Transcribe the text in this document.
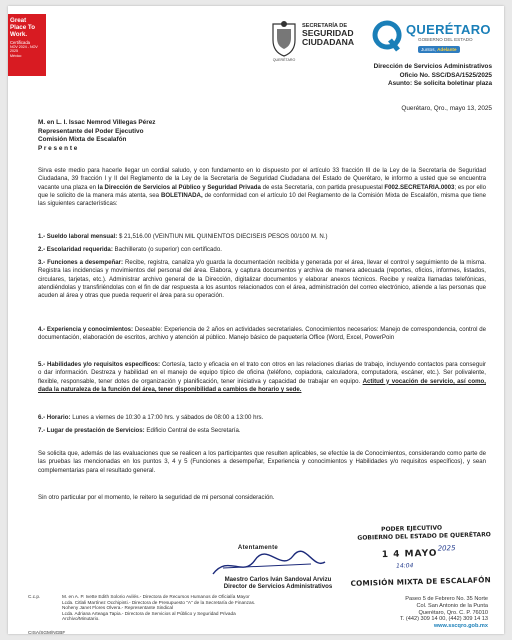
Great Place To Work.
Certificada
NOV 2024 - NOV 2025
México
QUERÉTARO
SECRETARÍA DE
SEGURIDAD
CIUDADANA
QUERÉTARO
GOBIERNO DEL ESTADO
Juntos, Adelante
Dirección de Servicios Administrativos
Oficio No. SSC/DSA/1525/2025
Asunto: Se solicita boletinar plaza
Querétaro, Qro., mayo 13, 2025
M. en L. I. Issac Nemrod Villegas Pérez
Representante del Poder Ejecutivo
Comisión Mixta de Escalafón
P r e s e n t e
Sirva este medio para hacerle llegar un cordial saludo, y con fundamento en lo dispuesto por el artículo 33 fracción III de la Ley de la Secretaría de Seguridad Ciudadana, 39 fracción I y II del Reglamento de la Ley de la Secretaría de Seguridad Ciudadana del Estado de Querétaro, le informo a usted que se encuentra vacante una plaza en la Dirección de Servicios al Público y Seguridad Privada de esta Secretaría, con partida presupuestal F002.SECRETARIA.0003; es por ello que le solicito de la manera más atenta, sea BOLETINADA, de conformidad con el artículo 10 del Reglamento de la Comisión Mixta de Escalafón, misma que tiene las siguientes características:
1.- Sueldo laboral mensual: $ 21,516.00 (VEINTIUN MIL QUINIENTOS DIECISEIS PESOS 00/100 M. N.)
2.- Escolaridad requerida: Bachillerato (o superior) con certificado.
3.- Funciones a desempeñar: Recibe, registra, canaliza y/o guarda la documentación recibida y generada por el área, llevar el control y seguimiento de la misma. Registra las incidencias y movimientos del personal del área. Elabora, y captura documentos y archiva de manera adecuada (reportes, oficios, informes, listados, circulares, tarjetas, etc.). Administrar archivo general de la Dirección, digitalizar documentos y elaborar anexos técnicos. Recibe y realiza llamadas telefónicas, atendiéndolas y transfiriéndolas con el fin de dar respuesta a los asuntos relacionados con el área, administración del correo electrónico, atiende a las personas que acuden al área y otras que pueda requerir el área para su operación.
4.- Experiencia y conocimientos: Deseable: Experiencia de 2 años en actividades secretariales. Conocimientos necesarios: Manejo de correspondencia, control de documentación, elaboración de escritos, archivo y atención al público. Manejo básico de paquetería Office (Word, Excel, PowerPoin
5.- Habilidades y/o requisitos específicos: Cortesía, tacto y eficacia en el trato con otros en las relaciones diarias de trabajo, incluyendo contactos para conseguir o dar información. Destreza y habilidad en el manejo de equipo típico de oficina (teléfono, copiadora, calculadora, computadora, escáner, etc.). Ser polivalente, flexible, responsable, tener dotes de organización y planificación, tener iniciativa y capacidad de trabajar en equipo. Actitud y vocación de servicio, así como, dada la naturaleza de la función del área, tener disponibilidad a cambios de horario y sede.
6.- Horario: Lunes a viernes de 10:30 a 17:00 hrs. y sábados de 08:00 a 13:00 hrs.
7.- Lugar de prestación de Servicios: Edificio Central de esta Secretaría.
Se solicita que, además de las evaluaciones que se realicen a los participantes que resulten aplicables, se efectúe la de Conocimientos, considerando como parte de las pruebas las mencionadas en los puntos 3, 4 y 5 (Funciones a desempeñar, Experiencia y conocimientos y Habilidades y/o requisitos específicos), y sean complementarias para el resultado general.
Sin otro particular por el momento, le reitero la seguridad de mi personal consideración.
Atentamente
Maestro Carlos Iván Sandoval Arvizu
Director de Servicios Administrativos
C.c.p.	M. en A. P. Ivette Edith Solorio Avilés.- Directora de Recursos Humanos de Oficialía Mayor
Lcda. Citlali Martínez Occhipinti.- Directora de Presupuesto "A" de la Secretaría de Finanzas.
Noheny Janet Flores Olvera.- Representante Sindical
Lcda. Adriana Arteaga Tapia.- Directora de Servicios al Público y Seguridad Privada
Archivo/Minutario.
CISA/SGM/NGBF
PODER EJECUTIVO
GOBIERNO DEL ESTADO DE QUERÉTARO
1 4 MAYO
2025
14:04
COMISIÓN MIXTA DE ESCALAFÓN
Paseo 5 de Febrero No. 35 Norte
Col. San Antonio de la Punta
Querétaro, Qro. C. P. 76010
T. (442) 309 14 00, (442) 309 14 13
www.sscqro.gob.mx
